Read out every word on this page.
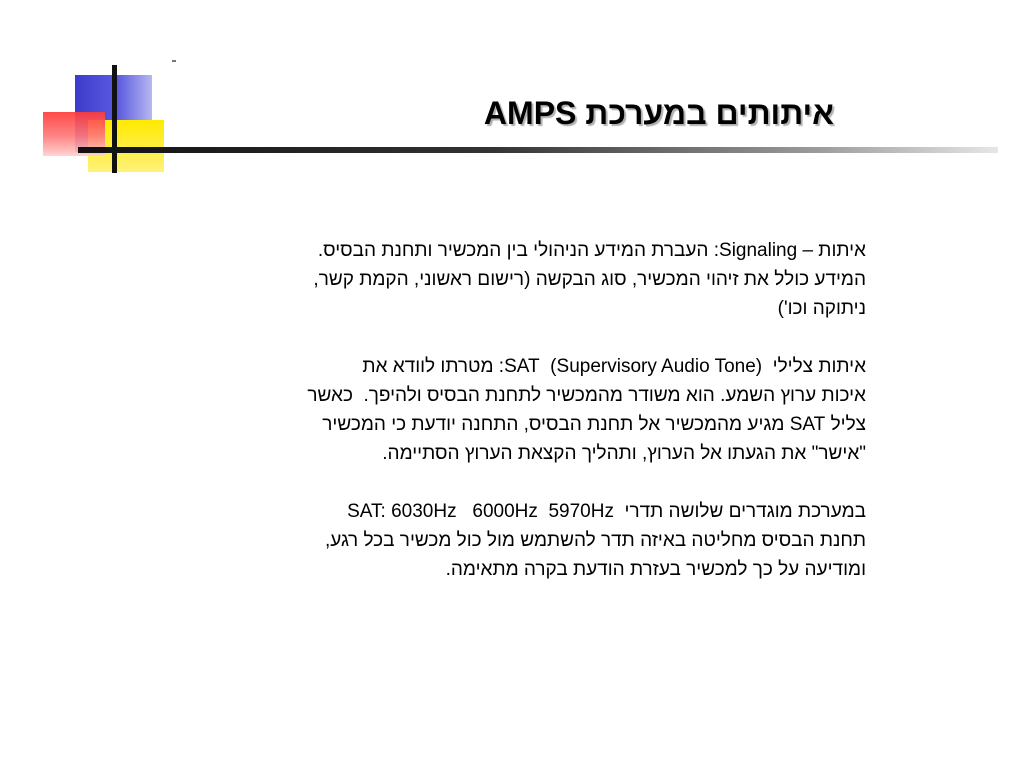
איתותים במערכת AMPS

איתות – Signaling: העברת המידע הניהולי בין המכשיר ותחנת הבסיס.
המידע כולל את זיהוי המכשיר, סוג הבקשה (רישום ראשוני, הקמת קשר,
ניתוקה וכו')

איתות צלילי  (Supervisory Audio Tone)  SAT: מטרתו לוודא את
איכות ערוץ השמע. הוא משודר מהמכשיר לתחנת הבסיס ולהיפך.  כאשר
צליל SAT מגיע מהמכשיר אל תחנת הבסיס, התחנה יודעת כי המכשיר
"אישר" את הגעתו אל הערוץ, ותהליך הקצאת הערוץ הסתיימה.

במערכת מוגדרים שלושה תדרי  SAT: 6030Hz   6000Hz  5970Hz
תחנת הבסיס מחליטה באיזה תדר להשתמש מול כול מכשיר בכל רגע,
ומודיעה על כך למכשיר בעזרת הודעת בקרה מתאימה.
